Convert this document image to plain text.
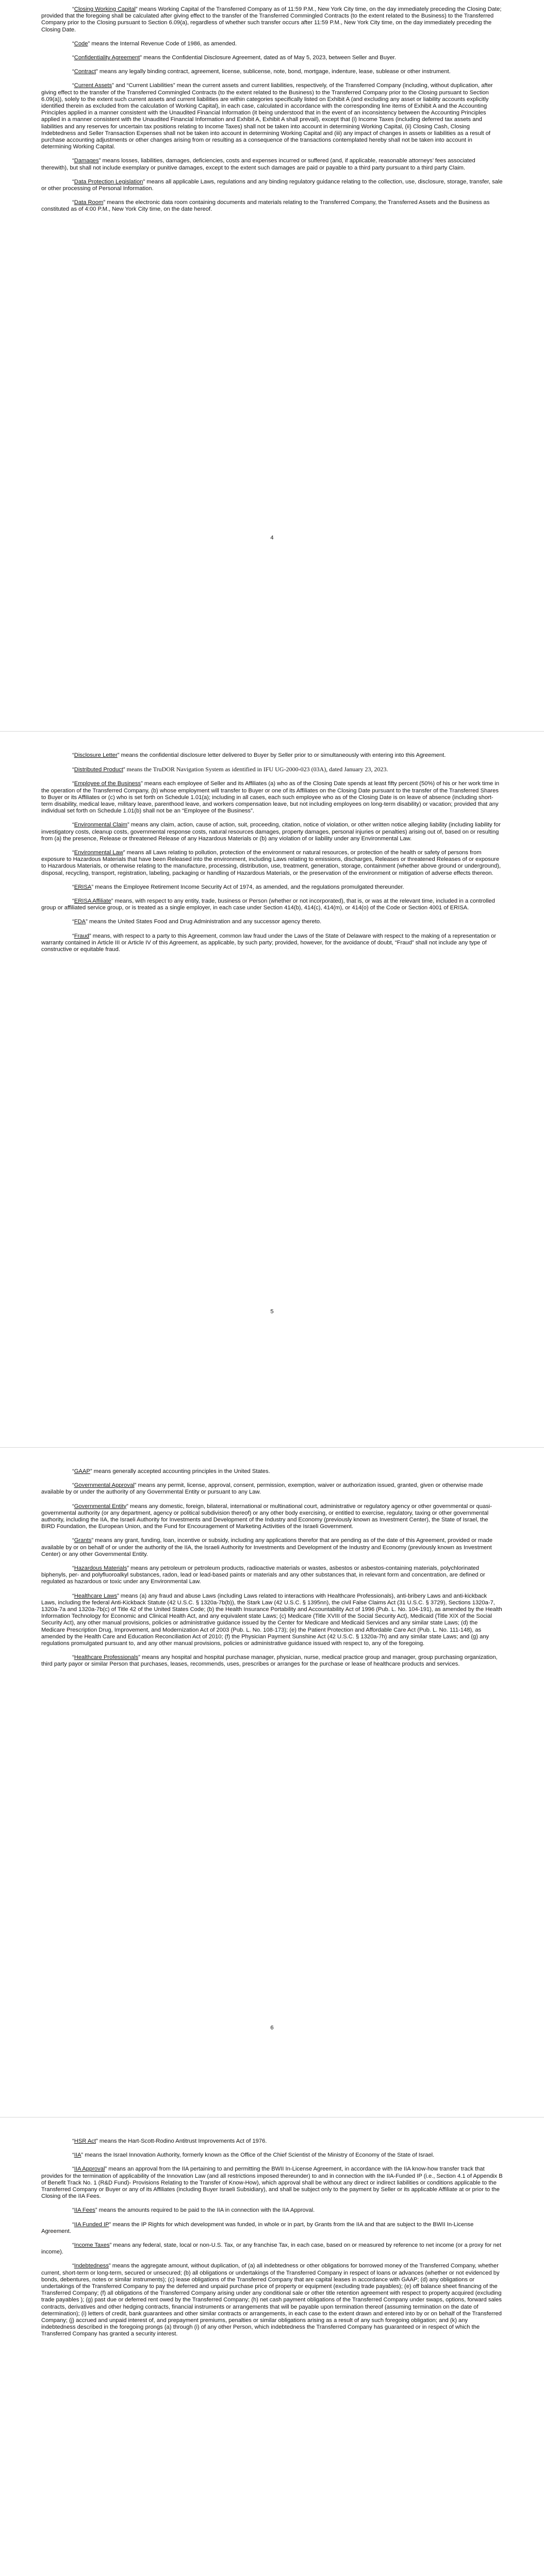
“Closing Working Capital” means Working Capital of the Transferred Company as of 11:59 P.M., New York City time, on the day immediately preceding the Closing Date; provided that the foregoing shall be calculated after giving effect to the transfer of the Transferred Commingled Contracts (to the extent related to the Business) to the Transferred Company prior to the Closing pursuant to Section 6.09(a), regardless of whether such transfer occurs after 11:59 P.M., New York City time, on the day immediately preceding the Closing Date.

“Code” means the Internal Revenue Code of 1986, as amended.

“Confidentiality Agreement” means the Confidential Disclosure Agreement, dated as of May 5, 2023, between Seller and Buyer.

“Contract” means any legally binding contract, agreement, license, sublicense, note, bond, mortgage, indenture, lease, sublease or other instrument.

“Current Assets” and “Current Liabilities” mean the current assets and current liabilities, respectively, of the Transferred Company (including, without duplication, after giving effect to the transfer of the Transferred Commingled Contracts (to the extent related to the Business) to the Transferred Company prior to the Closing pursuant to Section 6.09(a)), solely to the extent such current assets and current liabilities are within categories specifically listed on Exhibit A (and excluding any asset or liability accounts explicitly identified therein as excluded from the calculation of Working Capital), in each case, calculated in accordance with the corresponding line items of Exhibit A and the Accounting Principles applied in a manner consistent with the Unaudited Financial Information (it being understood that in the event of an inconsistency between the Accounting Principles applied in a manner consistent with the Unaudited Financial Information and Exhibit A, Exhibit A shall prevail), except that (i) Income Taxes (including deferred tax assets and liabilities and any reserves for uncertain tax positions relating to Income Taxes) shall not be taken into account in determining Working Capital, (ii) Closing Cash, Closing Indebtedness and Seller Transaction Expenses shall not be taken into account in determining Working Capital and (iii) any impact of changes in assets or liabilities as a result of purchase accounting adjustments or other changes arising from or resulting as a consequence of the transactions contemplated hereby shall not be taken into account in determining Working Capital.

“Damages” means losses, liabilities, damages, deficiencies, costs and expenses incurred or suffered (and, if applicable, reasonable attorneys’ fees associated therewith), but shall not include exemplary or punitive damages, except to the extent such damages are paid or payable to a third party pursuant to a third party Claim.

“Data Protection Legislation” means all applicable Laws, regulations and any binding regulatory guidance relating to the collection, use, disclosure, storage, transfer, sale or other processing of Personal Information.

“Data Room” means the electronic data room containing documents and materials relating to the Transferred Company, the Transferred Assets and the Business as constituted as of 4:00 P.M., New York City time, on the date hereof.

4

“Disclosure Letter” means the confidential disclosure letter delivered to Buyer by Seller prior to or simultaneously with entering into this Agreement.

“Distributed Product” means the TruDOR Navigation System as identified in IFU UG-2000-023 (03A), dated January 23, 2023.

“Employee of the Business” means each employee of Seller and its Affiliates (a) who as of the Closing Date spends at least fifty percent (50%) of his or her work time in the operation of the Transferred Company, (b) whose employment will transfer to Buyer or one of its Affiliates on the Closing Date pursuant to the transfer of the Transferred Shares to Buyer or its Affiliates or (c) who is set forth on Schedule 1.01(a); including in all cases, each such employee who as of the Closing Date is on leave of absence (including short-term disability, medical leave, military leave, parenthood leave, and workers compensation leave, but not including employees on long-term disability) or vacation; provided that any individual set forth on Schedule 1.01(b) shall not be an “Employee of the Business”.

“Environmental Claim” means any claim, action, cause of action, suit, proceeding, citation, notice of violation, or other written notice alleging liability (including liability for investigatory costs, cleanup costs, governmental response costs, natural resources damages, property damages, personal injuries or penalties) arising out of, based on or resulting from (a) the presence, Release or threatened Release of any Hazardous Materials or (b) any violation of or liability under any Environmental Law.

“Environmental Law” means all Laws relating to pollution, protection of the environment or natural resources, or protection of the health or safety of persons from exposure to Hazardous Materials that have been Released into the environment, including Laws relating to emissions, discharges, Releases or threatened Releases of or exposure to Hazardous Materials, or otherwise relating to the manufacture, processing, distribution, use, treatment, generation, storage, containment (whether above ground or underground), disposal, recycling, transport, registration, labeling, packaging or handling of Hazardous Materials, or the preservation of the environment or mitigation of adverse effects thereon.

“ERISA” means the Employee Retirement Income Security Act of 1974, as amended, and the regulations promulgated thereunder.

“ERISA Affiliate” means, with respect to any entity, trade, business or Person (whether or not incorporated), that is, or was at the relevant time, included in a controlled group or affiliated service group, or is treated as a single employer, in each case under Section 414(b), 414(c), 414(m), or 414(o) of the Code or Section 4001 of ERISA.

“FDA” means the United States Food and Drug Administration and any successor agency thereto.

“Fraud” means, with respect to a party to this Agreement, common law fraud under the Laws of the State of Delaware with respect to the making of a representation or warranty contained in Article III or Article IV of this Agreement, as applicable, by such party; provided, however, for the avoidance of doubt, “Fraud” shall not include any type of constructive or equitable fraud.

5

“GAAP” means generally accepted accounting principles in the United States.

“Governmental Approval” means any permit, license, approval, consent, permission, exemption, waiver or authorization issued, granted, given or otherwise made available by or under the authority of any Governmental Entity or pursuant to any Law.

“Governmental Entity” means any domestic, foreign, bilateral, international or multinational court, administrative or regulatory agency or other governmental or quasi-governmental authority (or any department, agency or political subdivision thereof) or any other body exercising, or entitled to exercise, regulatory, taxing or other governmental authority, including the IIA, the Israeli Authority for Investments and Development of the Industry and Economy (previously known as Investment Center), the State of Israel, the BIRD Foundation, the European Union, and the Fund for Encouragement of Marketing Activities of the Israeli Government.

“Grants” means any grant, funding, loan, incentive or subsidy, including any applications therefor that are pending as of the date of this Agreement, provided or made available by or on behalf of or under the authority of the IIA, the Israeli Authority for Investments and Development of the Industry and Economy (previously known as Investment Center) or any other Governmental Entity.

“Hazardous Materials” means any petroleum or petroleum products, radioactive materials or wastes, asbestos or asbestos-containing materials, polychlorinated biphenyls, per- and polyfluoroalkyl substances, radon, lead or lead-based paints or materials and any other substances that, in relevant form and concentration, are defined or regulated as hazardous or toxic under any Environmental Law.

“Healthcare Laws” means (a) any fraud and abuse Laws (including Laws related to interactions with Healthcare Professionals), anti-bribery Laws and anti-kickback Laws, including the federal Anti-Kickback Statute (42 U.S.C. § 1320a-7b(b)), the Stark Law (42 U.S.C. § 1395nn), the civil False Claims Act (31 U.S.C. § 3729), Sections 1320a-7, 1320a-7a and 1320a-7b(c) of Title 42 of the United States Code; (b) the Health Insurance Portability and Accountability Act of 1996 (Pub. L. No. 104-191), as amended by the Health Information Technology for Economic and Clinical Health Act, and any equivalent state Laws; (c) Medicare (Title XVIII of the Social Security Act), Medicaid (Title XIX of the Social Security Act), any other manual provisions, policies or administrative guidance issued by the Center for Medicare and Medicaid Services and any similar state Laws; (d) the Medicare Prescription Drug, Improvement, and Modernization Act of 2003 (Pub. L. No. 108-173); (e) the Patient Protection and Affordable Care Act (Pub. L. No. 111-148), as amended by the Health Care and Education Reconciliation Act of 2010; (f) the Physician Payment Sunshine Act (42 U.S.C. § 1320a-7h) and any similar state Laws; and (g) any regulations promulgated pursuant to, and any other manual provisions, policies or administrative guidance issued with respect to, any of the foregoing.

“Healthcare Professionals” means any hospital and hospital purchase manager, physician, nurse, medical practice group and manager, group purchasing organization, third party payor or similar Person that purchases, leases, recommends, uses, prescribes or arranges for the purchase or lease of healthcare products and services.

6

“HSR Act” means the Hart-Scott-Rodino Antitrust Improvements Act of 1976.

“IIA” means the Israel Innovation Authority, formerly known as the Office of the Chief Scientist of the Ministry of Economy of the State of Israel.

“IIA Approval” means an approval from the IIA pertaining to and permitting the BWII In-License Agreement, in accordance with the IIA know-how transfer track that provides for the termination of applicability of the Innovation Law (and all restrictions imposed thereunder) to and in connection with the IIA-Funded IP (i.e., Section 4.1 of Appendix B of Benefit Track No. 1 (R&D Fund)- Provisions Relating to the Transfer of Know-How), which approval shall be without any direct or indirect liabilities or conditions applicable to the Transferred Company or Buyer or any of its Affiliates (including Buyer Israeli Subsidiary), and shall be subject only to the payment by Seller or its applicable Affiliate at or prior to the Closing of the IIA Fees.

“IIA Fees” means the amounts required to be paid to the IIA in connection with the IIA Approval.

“IIA Funded IP” means the IP Rights for which development was funded, in whole or in part, by Grants from the IIA and that are subject to the BWII In-License Agreement.

“Income Taxes” means any federal, state, local or non-U.S. Tax, or any franchise Tax, in each case, based on or measured by reference to net income (or a proxy for net income).

“Indebtedness” means the aggregate amount, without duplication, of (a) all indebtedness or other obligations for borrowed money of the Transferred Company, whether current, short-term or long-term, secured or unsecured; (b) all obligations or undertakings of the Transferred Company in respect of loans or advances (whether or not evidenced by bonds, debentures, notes or similar instruments); (c) lease obligations of the Transferred Company that are capital leases in accordance with GAAP; (d) any obligations or undertakings of the Transferred Company to pay the deferred and unpaid purchase price of property or equipment (excluding trade payables); (e) off balance sheet financing of the Transferred Company; (f) all obligations of the Transferred Company arising under any conditional sale or other title retention agreement with respect to property acquired (excluding trade payables ); (g) past due or deferred rent owed by the Transferred Company; (h) net cash payment obligations of the Transferred Company under swaps, options, forward sales contracts, derivatives and other hedging contracts, financial instruments or arrangements that will be payable upon termination thereof (assuming termination on the date of determination); (i) letters of credit, bank guarantees and other similar contracts or arrangements, in each case to the extent drawn and entered into by or on behalf of the Transferred Company; (j) accrued and unpaid interest of, and prepayment premiums, penalties or similar obligations arising as a result of any such foregoing obligation; and (k) any indebtedness described in the foregoing prongs (a) through (i) of any other Person, which indebtedness the Transferred Company has guaranteed or in respect of which the Transferred Company has granted a security interest.
